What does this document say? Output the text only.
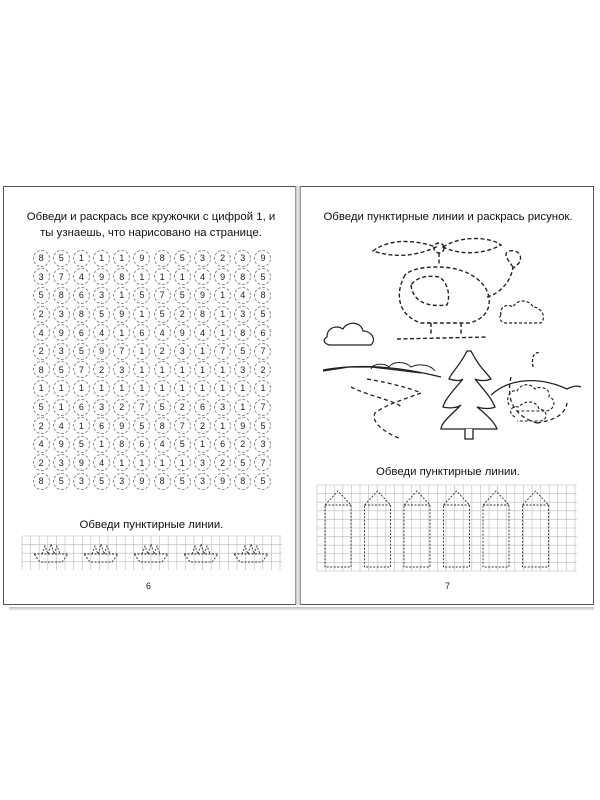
Обведи и раскрась все кружочки с цифрой 1, и ты узнаешь, что нарисовано на странице.
8	5	1	1	1	9	8	5	3	2	3	9
3	7	4	9	8	1	1	1	4	9	8	5
5	8	6	3	1	5	7	5	9	1	4	8
2	3	8	5	9	1	5	2	8	1	3	5
4	9	6	4	1	6	4	9	4	1	8	6
2	3	5	9	7	1	2	3	1	7	5	7
8	5	7	2	3	1	1	1	1	1	3	2
1	1	1	1	1	1	1	1	1	1	1	1
5	1	6	3	2	7	5	2	6	3	1	7
2	4	1	6	9	5	8	7	2	1	9	5
4	9	5	1	8	6	4	5	1	6	2	3
2	3	9	4	1	1	1	1	3	2	5	7
8	5	3	5	3	9	8	5	3	9	8	5
Обведи пунктирные линии.
6
Обведи пунктирные линии и раскрась рисунок.
Обведи пунктирные линии.
7
